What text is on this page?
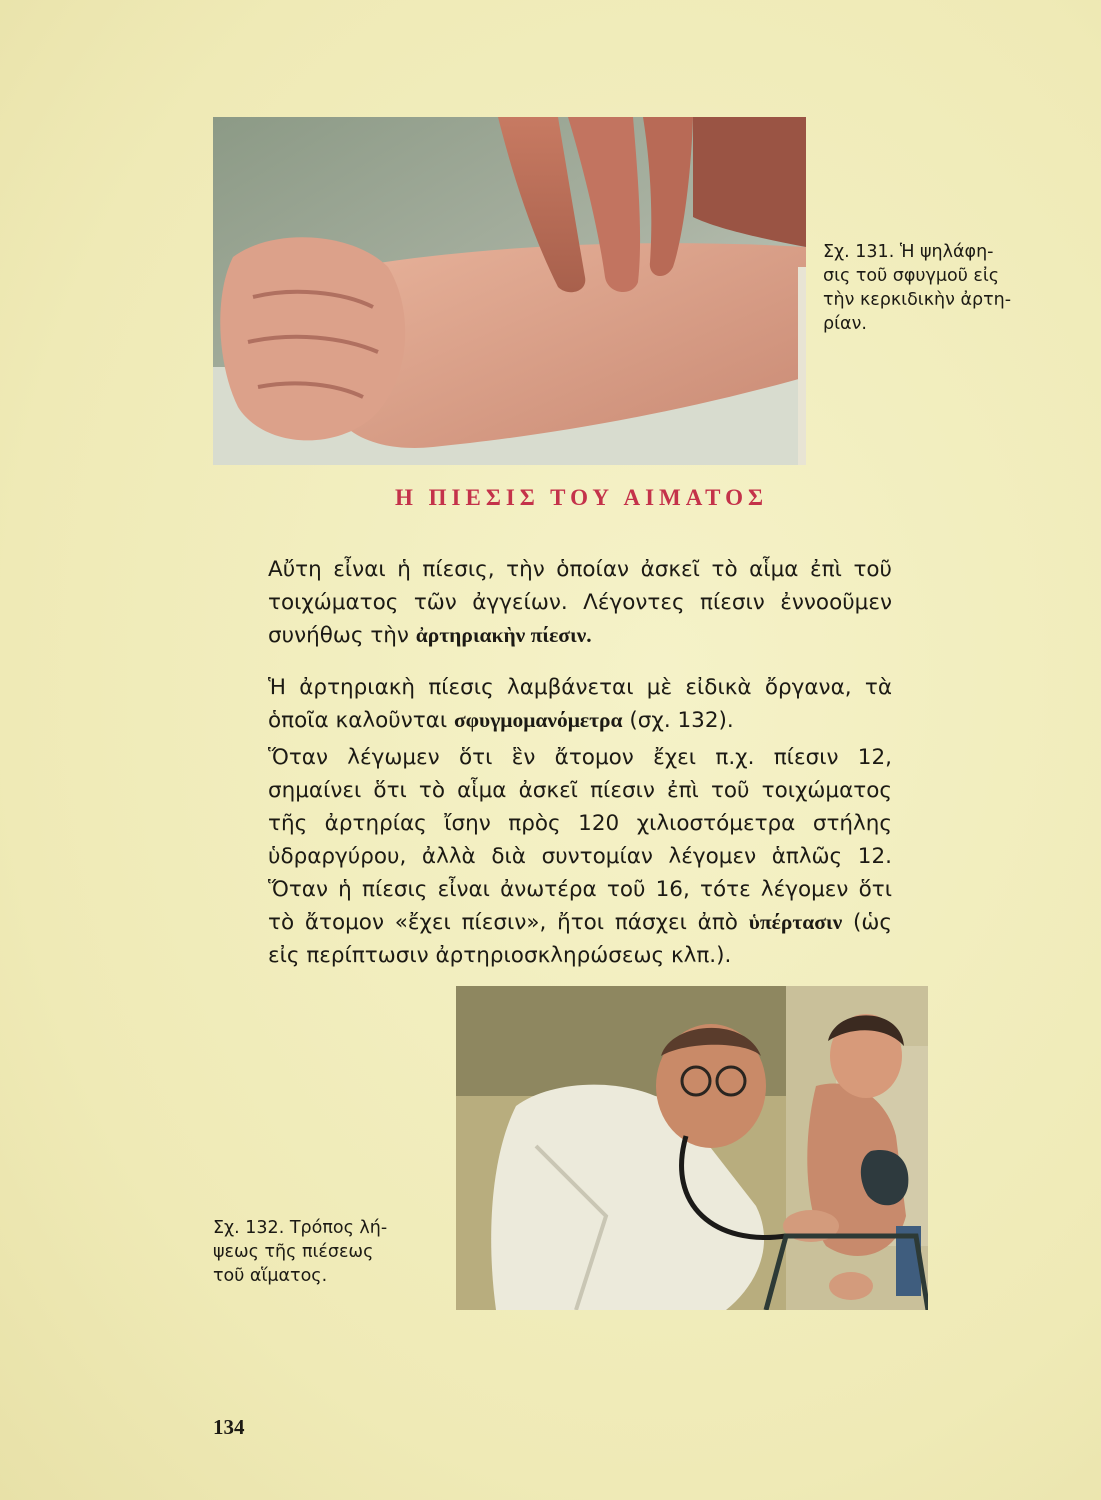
Σχ. 131. Ἡ ψηλάφη-
σις τοῦ σφυγμοῦ εἰς
τὴν κερκιδικὴν ἀρτη-
ρίαν.
Η ΠΙΕΣΙΣ ΤΟΥ ΑΙΜΑΤΟΣ

Αὔτη εἶναι ἡ πίεσις, τὴν ὁποίαν ἀσκεῖ τὸ αἷμα ἐπὶ τοῦ τοιχώματος τῶν ἀγγείων. Λέγοντες πίεσιν ἐννοοῦμεν συνήθως τὴν ἀρτηριακὴν πίεσιν.

Ἡ ἀρτηριακὴ πίεσις λαμβάνεται μὲ εἰδικὰ ὄργανα, τὰ ὁποῖα καλοῦνται σφυγμομανόμετρα (σχ. 132).

Ὅταν λέγωμεν ὅτι ἓν ἄτομον ἔχει π.χ. πίεσιν 12, σημαίνει ὅτι τὸ αἷμα ἀσκεῖ πίεσιν ἐπὶ τοῦ τοιχώματος τῆς ἀρτηρίας ἴσην πρὸς 120 χιλιοστόμετρα στήλης ὑδραργύρου, ἀλλὰ διὰ συντομίαν λέγομεν ἁπλῶς 12. Ὅταν ἡ πίεσις εἶναι ἀνωτέρα τοῦ 16, τότε λέγομεν ὅτι τὸ ἄτομον «ἔχει πίεσιν», ἤτοι πάσχει ἀπὸ ὑπέρτασιν (ὡς εἰς περίπτωσιν ἀρτηριοσκληρώσεως κλπ.).

Σχ. 132. Τρόπος λή-
ψεως τῆς πιέσεως
τοῦ αἵματος.
134
